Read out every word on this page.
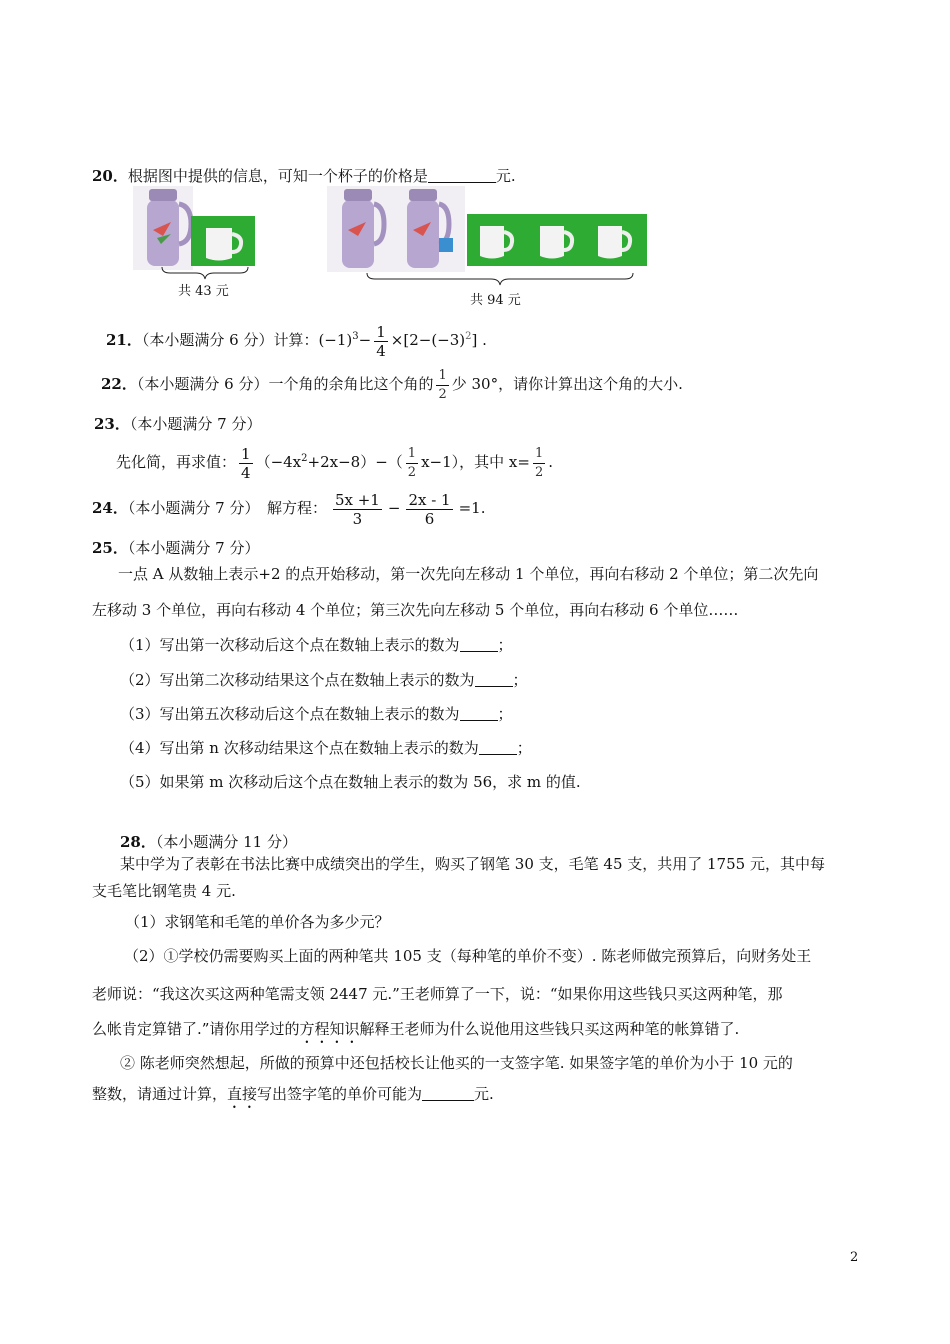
20．根据图中提供的信息，可知一个杯子的价格是	元.
共 43 元
共 94 元
21．（本小题满分 6 分）计算：$(-1)^3- \frac{1}{4} \times[2-(-3)^2]$ .
22．（本小题满分 6 分）一个角的余角比这个角的 $\frac{1}{2}$ 少 30°，请你计算出这个角的大小.
23．（本小题满分 7 分）
先化简，再求值： $\frac{1}{4} (-4x^2+2x-8)-( \frac{1}{2} x-1)$，其中 $x= \frac{1}{2}$ .
24．（本小题满分 7 分）　解方程： $\frac{5x +1}{3} - \frac{2x - 1}{6} =1$.
25．（本小题满分 7 分）
一点 A 从数轴上表示+2 的点开始移动，第一次先向左移动 1 个单位，再向右移动 2 个单位；第二次先向
左移动 3 个单位，再向右移动 4 个单位；第三次先向左移动 5 个单位，再向右移动 6 个单位……
（1）写出第一次移动后这个点在数轴上表示的数为	；
（2）写出第二次移动结果这个点在数轴上表示的数为	；
（3）写出第五次移动后这个点在数轴上表示的数为	；
（4）写出第 n 次移动结果这个点在数轴上表示的数为	；
（5）如果第 m 次移动后这个点在数轴上表示的数为 56，求 m 的值.
28．（本小题满分 11 分）
某中学为了表彰在书法比赛中成绩突出的学生，购买了钢笔 30 支，毛笔 45 支，共用了 1755 元，其中每
支毛笔比钢笔贵 4 元.
（1）求钢笔和毛笔的单价各为多少元？
（2）①学校仍需要购买上面的两种笔共 105 支（每种笔的单价不变）. 陈老师做完预算后，向财务处王
老师说：“我这次买这两种笔需支领 2447 元.”王老师算了一下，说：“如果你用这些钱只买这两种笔，那
么帐肯定算错了.”请你用学过的方程知识解释王老师为什么说他用这些钱只买这两种笔的帐算错了.
② 陈老师突然想起，所做的预算中还包括校长让他买的一支签字笔. 如果签字笔的单价为小于 10 元的
整数，请通过计算，直接写出签字笔的单价可能为	元.
2
